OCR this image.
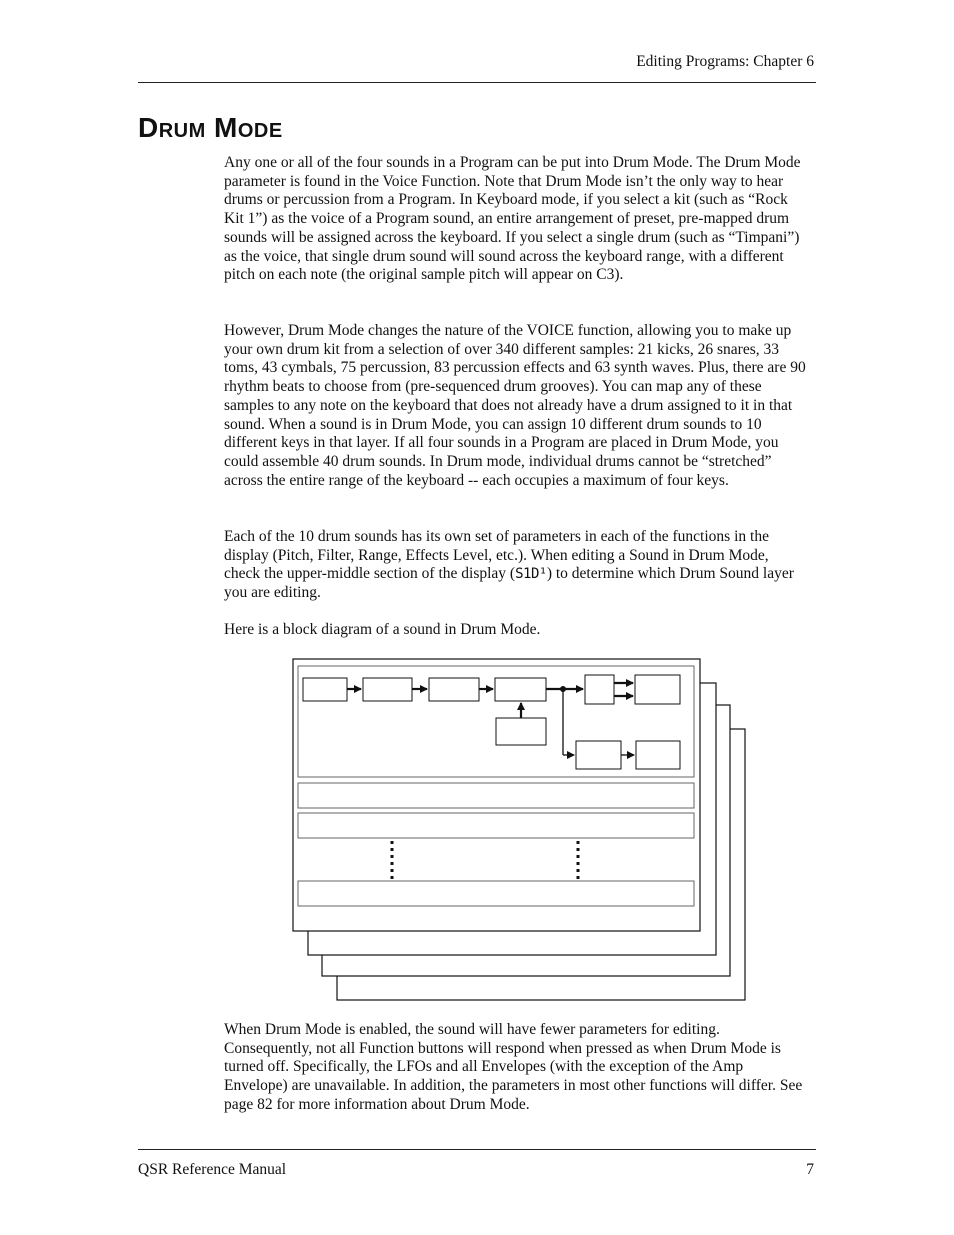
Editing Programs: Chapter 6
Drum Mode

Any one or all of the four sounds in a Program can be put into Drum Mode. The Drum Mode parameter is found in the Voice Function. Note that Drum Mode isn’t the only way to hear drums or percussion from a Program. In Keyboard mode, if you select a kit (such as “Rock Kit 1”) as the voice of a Program sound, an entire arrangement of preset, pre-mapped drum sounds will be assigned across the keyboard. If you select a single drum (such as “Timpani”) as the voice, that single drum sound will sound across the keyboard range, with a different pitch on each note (the original sample pitch will appear on C3).

However, Drum Mode changes the nature of the VOICE function, allowing you to make up your own drum kit from a selection of over 340 different samples: 21 kicks, 26 snares, 33 toms, 43 cymbals, 75 percussion, 83 percussion effects and 63 synth waves. Plus, there are 90 rhythm beats to choose from (pre-sequenced drum grooves). You can map any of these samples to any note on the keyboard that does not already have a drum assigned to it in that sound. When a sound is in Drum Mode, you can assign 10 different drum sounds to 10 different keys in that layer. If all four sounds in a Program are placed in Drum Mode, you could assemble 40 drum sounds. In Drum mode, individual drums cannot be “stretched” across the entire range of the keyboard -- each occupies a maximum of four keys.

Each of the 10 drum sounds has its own set of parameters in each of the functions in the display (Pitch, Filter, Range, Effects Level, etc.). When editing a Sound in Drum Mode, check the upper-middle section of the display (S1D¹) to determine which Drum Sound layer you are editing.

Here is a block diagram of a sound in Drum Mode.

When Drum Mode is enabled, the sound will have fewer parameters for editing. Consequently, not all Function buttons will respond when pressed as when Drum Mode is turned off. Specifically, the LFOs and all Envelopes (with the exception of the Amp Envelope) are unavailable. In addition, the parameters in most other functions will differ. See page 82 for more information about Drum Mode.

QSR Reference Manual	7
